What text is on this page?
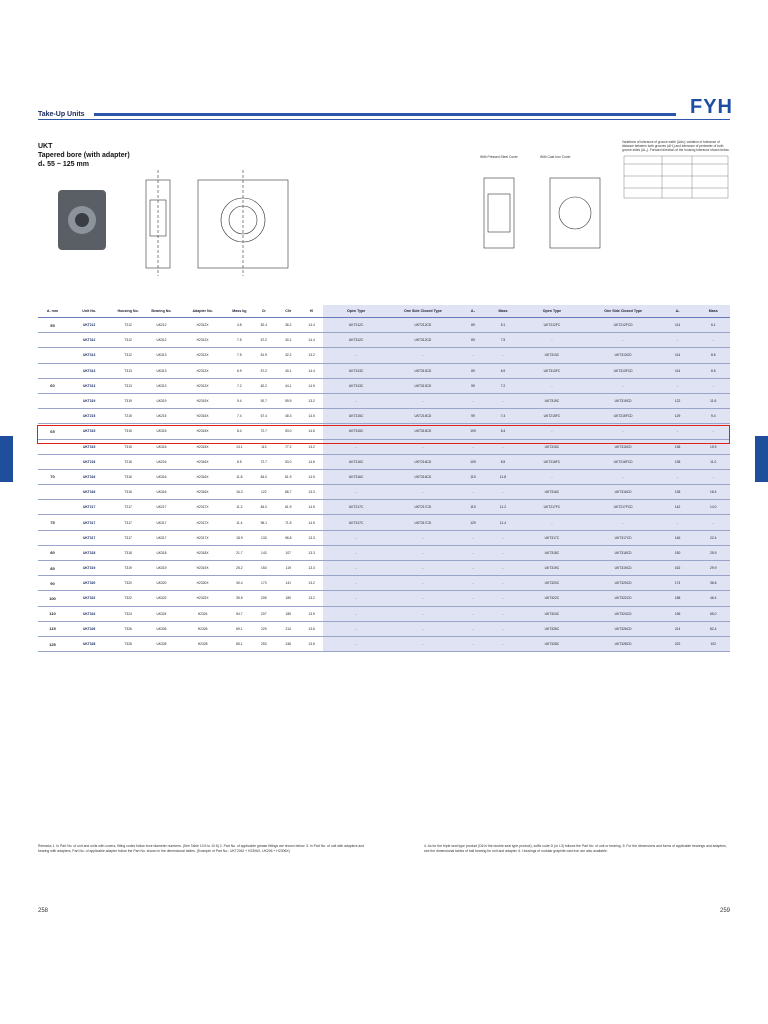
Take-Up Units	FYH
UKT
Tapered bore (with adapter)
d₁ 55 ~ 125 mm
With Pressed Steel Cover	With Cast Iron Cover
Variations of tolerance of groove width (ΔAs); variation of tolerance of distance between both grooves (ΔH₁) and tolerance of perimeter of both groove sides (ΔL₁). Forward direction of the housing tolerance shown below.
d₁ mm	Unit No.	Housing No.	Bearing No.	Adapter No.	Mass kg	Cr	C0r	f0	Open Type	One Side Closed Type	A₁	Mass	Open Type	One Side Closed Type	A₁	Mass
55	UKT212	T212	UK212	H2312X	4.8	52.4	36.2	14.4	UKT212C	UKT212CD	89	5.1	UKT212FC	UKT212FCD	114	6.1
	UKT312	T312	UK312	H2312X	7.5	57.2	40.1	14.4	UKT312C	UKT312CD	89	7.5	-	-	-	-
	UKT313	T312	UK313	H2313X	7.5	61.9	32.2	13.2	-	-	-	-	UKT313C	UKT313CD	114	8.6
	UKT313	T313	UK313	H2313X	6.9	57.2	40.1	14.4	UKT313C	UKT313CD	89	6.9	UKT313FC	UKT313FCD	114	8.5
60	UKT313	T313	UK313	H2313X	7.2	62.2	44.1	14.5	UKT313C	UKT313CD	99	7.2	-	-	-	-
	UKT319	T319	UK319	H2319X	9.4	92.7	59.9	13.2	-	-	-	-	UKT319C	UKT319CD	122	11.6
	UKT215	T215	UK215	H2315X	7.4	67.4	48.3	14.5	UKT215C	UKT215CD	99	7.4	UKT215FC	UKT215FCD	129	9.4
65	UKT315	T315	UK315	H2315X	8.4	72.7	53.0	14.6	UKT315C	UKT315CD	109	8.4	-	-	-	-
	UKT315	T315	UK315	H2315X	13.1	113	77.2	13.2	-	-	-	-	UKT315C	UKT315CD	138	15.9
	UKT216	T216	UK216	H2316X	8.5	72.7	53.0	14.6	UKT216C	UKT216CD	109	8.5	UKT216FC	UKT216FCD	138	11.0
70	UKT316	T316	UK316	H2316X	11.8	84.0	61.9	14.5	UKT316C	UKT316CD	119	11.8	-	-	-	-
	UKT316	T316	UK316	H2316X	16.3	122	86.7	13.3	-	-	-	-	UKT316C	UKT316CD	138	18.4
	UKT217	T217	UK217	H2317X	11.2	84.0	61.9	14.5	UKT217C	UKT217CD	119	11.2	UKT217FC	UKT217FCD	142	14.0
75	UKT317	T317	UK317	H2317X	11.4	96.1	71.5	14.5	UKT317C	UKT317CD	129	11.4	-	-	-	-
	UKT317	T317	UK317	H2317X	18.9	133	96.8	13.3	-	-	-	-	UKT317C	UKT317CD	146	22.4
80	UKT318	T318	UK318	H2318X	21.7	143	107	13.3	-	-	-	-	UKT318C	UKT318CD	150	25.9
85	UKT319	T319	UK319	H2319X	25.2	153	119	13.3	-	-	-	-	UKT319C	UKT319CD	162	29.9
90	UKT320	T320	UK320	H2320X	30.4	173	141	13.2	-	-	-	-	UKT320C	UKT320CD	174	36.6
100	UKT322	T322	UK322	H2322X	39.5	205	180	13.2	-	-	-	-	UKT322C	UKT322CD	188	46.4
110	UKT324	T324	UK324	H2324	54.7	207	185	13.5	-	-	-	-	UKT324C	UKT324CD	196	65.0
115	UKT326	T326	UK326	H2326	69.1	229	214	13.6	-	-	-	-	UKT326C	UKT326CD	214	82.4
125	UKT328	T328	UK328	H2328	85.1	253	246	13.6	-	-	-	-	UKT328C	UKT328CD	222	102
Remarks 1. In Part No. of unit and units with covers, fitting codes follow bore diameter numbers. (See Table 10.5 to 10.6) 2. Part No. of applicable grease fittings are shown below. 3. In Part No. of unit with adapters and bearing with adapters, Part No. of applicable adapter follow the Part No. shown in the dimensional tables. (Example of Part No.: UKT206J + H2306X, UK206 + H2306X)
4. As for the triple seal type product (D6 is the double seal type product), suffix code D (or L3) follows the Part No. of unit or bearing. 5. For the dimensions and forms of applicable bearings and adapters, see the dimensional tables of ball bearing for unit and adapter. 6. Housings of nodular graphite cast iron are also available.
258	259
